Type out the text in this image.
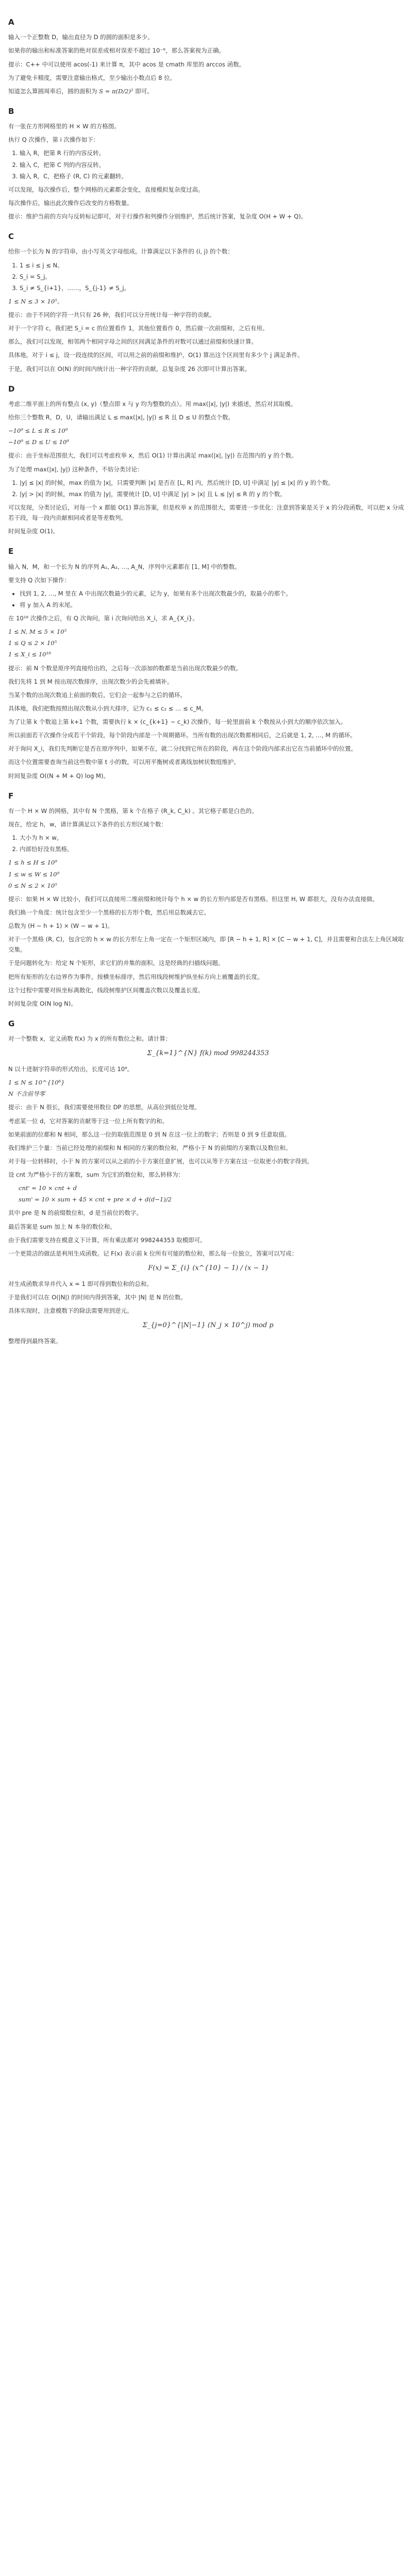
A

输入一个正整数 D，输出直径为 D 的圆的面积是多少。

如果你的输出和标准答案的绝对误差或相对误差不超过 10⁻⁶，那么答案视为正确。

提示：C++ 中可以使用 acos(-1) 来计算 π，其中 acos 是 cmath 库里的 arccos 函数。

为了避免卡精度，需要注意输出格式，至少输出小数点后 8 位。

知道怎么算圆周率后，圆的面积为 S = π(D/2)² 即可。

B

有一张在方形网格里的 H × W 的方格图。

执行 Q 次操作，第 i 次操作如下：

1. 输入 R，把第 R 行的内容反转。
2. 输入 C，把第 C 列的内容反转。
3. 输入 R，C，把格子 (R, C) 的元素翻转。

可以发现，每次操作后，整个网格的元素都会变化，直接模拟复杂度过高。

每次操作后，输出此次操作后改变的方格数量。

提示：维护当前的方向与反转标记即可，对于行操作和列操作分别维护，然后统计答案，复杂度 O(H + W + Q)。

C

给你一个长为 N 的字符串，由小写英文字母组成。计算满足以下条件的 (i, j) 的个数：

1. 1 ≤ i ≤ j ≤ N。
2. S_i = S_j。
3. S_i ≠ S_{i+1}，……，S_{j-1} ≠ S_j。

1 ≤ N ≤ 3 × 10⁵。

提示：由于不同的字符一共只有 26 种，我们可以分开统计每一种字符的贡献。

对于一个字符 c，我们把 S_i = c 的位置看作 1，其他位置看作 0，然后做一次前缀和，之后有用。

那么，我们可以发现，相邻两个相同字母之间的区间满足条件的对数可以通过前缀和快速计算。

具体地，对于 i ≤ j，设一段连续的区间，可以用之前的前缀和维护，O(1) 算出这个区间里有多少个 j 满足条件。

于是，我们可以在 O(N) 的时间内统计出一种字符的贡献，总复杂度 26 次即可计算出答案。

D

考虑二维平面上的所有整点 (x, y)（整点即 x 与 y 均为整数的点）。用 max(|x|, |y|) 来描述，然后对其取模。

给你三个整数 R，D，U，请输出满足 L ≤ max(|x|, |y|) ≤ R 且 D ≤ U 的整点个数。

−10⁹ ≤ L ≤ R ≤ 10⁹

−10⁹ ≤ D ≤ U ≤ 10⁹

提示：由于坐标范围很大，我们可以考虑枚举 x，然后 O(1) 计算出满足 max(|x|, |y|) 在范围内的 y 的个数。

为了处理 max(|x|, |y|) 这种条件，不妨分类讨论：

1. |y| ≤ |x| 的时候，max 的值为 |x|，只需要判断 |x| 是否在 [L, R] 内，然后统计 [D, U] 中满足 |y| ≤ |x| 的 y 的个数。
2. |y| > |x| 的时候，max 的值为 |y|，需要统计 [D, U] 中满足 |y| > |x| 且 L ≤ |y| ≤ R 的 y 的个数。

可以发现，分类讨论后，对每一个 x 都能 O(1) 算出答案，但是枚举 x 的范围很大，需要进一步优化：注意到答案是关于 x 的分段函数，可以把 x 分成若干段，每一段内贡献相同或者是等差数列。

时间复杂度 O(1)。

E

输入 N，M，和一个长为 N 的序列 A₁, A₂, …, A_N，序列中元素都在 [1, M] 中的整数。

要支持 Q 次如下操作：

• 找到 1, 2, …, M 里在 A 中出现次数最少的元素，记为 y，如果有多个出现次数最少的，取最小的那个。
• 将 y 加入 A 的末尾。

在 10¹⁸ 次操作之后，有 Q 次询问，第 i 次询问给出 X_i，求 A_{X_i}。

1 ≤ N, M ≤ 5 × 10⁵

1 ≤ Q ≤ 2 × 10⁵

1 ≤ X_i ≤ 10¹⁸

提示：前 N 个数是原序列直接给出的，之后每一次添加的数都是当前出现次数最少的数。

我们先将 1 到 M 按出现次数排序，出现次数少的会先被填补。

当某个数的出现次数追上前面的数后，它们会一起参与之后的循环。

具体地，我们把数按照出现次数从小到大排序，记为 c₁ ≤ c₂ ≤ … ≤ c_M。

为了让第 k 个数追上第 k+1 个数，需要执行 k × (c_{k+1} − c_k) 次操作，每一轮里面前 k 个数按从小到大的顺序依次加入。

所以前面若干次操作分成若干个阶段，每个阶段内部是一个周期循环。当所有数的出现次数都相同后，之后就是 1, 2, …, M 的循环。

对于询问 X_i，我们先判断它是否在原序列中，如果不在，就二分找到它所在的阶段，再在这个阶段内部求出它在当前循环中的位置。

而这个位置需要查询当前这些数中第 t 小的数，可以用平衡树或者离线加树状数组维护。

时间复杂度 O((N + M + Q) log M)。

F

有一个 H × W 的网格，其中有 N 个黑格，第 k 个在格子 (R_k, C_k) 。其它格子都是白色的。

现在，给定 h，w，请计算满足以下条件的长方形区域个数：

1. 大小为 h × w。
2. 内部恰好没有黑格。

1 ≤ h ≤ H ≤ 10⁹

1 ≤ w ≤ W ≤ 10⁹

0 ≤ N ≤ 2 × 10⁵

提示：如果 H × W 比较小，我们可以直接用二维前缀和统计每个 h × w 的长方形内部是否有黑格。但这里 H, W 都很大，没有办法直接做。

我们换一个角度：统计包含至少一个黑格的长方形个数，然后用总数减去它。

总数为 (H − h + 1) × (W − w + 1)。

对于一个黑格 (R, C)，包含它的 h × w 的长方形左上角一定在一个矩形区域内，即 [R − h + 1, R] × [C − w + 1, C]，并且需要和合法左上角区域取交集。

于是问题转化为：给定 N 个矩形，求它们的并集的面积。这是经典的扫描线问题。

把所有矩形的左右边界作为事件，按横坐标排序，然后用线段树维护纵坐标方向上被覆盖的长度。

这个过程中需要对纵坐标离散化，线段树维护区间覆盖次数以及覆盖长度。

时间复杂度 O(N log N)。

G

对一个整数 x，定义函数 f(x) 为 x 的所有数位之和。请计算：

Σ_{k=1}^{N} f(k) mod 998244353

N 以十进制字符串的形式给出，长度可达 10⁶。

1 ≤ N ≤ 10^{10⁶}

N 不含前导零

提示：由于 N 很长，我们需要使用数位 DP 的思想，从高位到低位处理。

考虑某一位 d，它对答案的贡献等于这一位上所有数字的和。

如果前面的位都和 N 相同，那么这一位的取值范围是 0 到 N 在这一位上的数字；否则是 0 到 9 任意取值。

我们维护三个量：当前已经处理的前缀和 N 相同的方案的数位和，严格小于 N 的前缀的方案数以及数位和。

对于每一位转移时，小于 N 的方案可以从之前的小于方案任意扩展，也可以从等于方案在这一位取更小的数字得到。

设 cnt 为严格小于的方案数，sum 为它们的数位和，那么转移为：

cnt' = 10 × cnt + d

sum' = 10 × sum + 45 × cnt + pre × d + d(d−1)/2

其中 pre 是 N 的前缀数位和，d 是当前位的数字。

最后答案是 sum 加上 N 本身的数位和。

由于我们需要支持在模意义下计算，所有乘法都对 998244353 取模即可。

一个更简洁的做法是利用生成函数。记 F(x) 表示前 k 位所有可能的数位和，那么每一位独立，答案可以写成：

F(x) = Σ_{i} (x^{10} − 1) / (x − 1)

对生成函数求导并代入 x = 1 即可得到数位和的总和。

于是我们可以在 O(|N|) 的时间内得到答案，其中 |N| 是 N 的位数。

具体实现时，注意模数下的除法需要用到逆元。

Σ_{j=0}^{|N|−1} (N_j × 10^j) mod p

整理得到最终答案。
